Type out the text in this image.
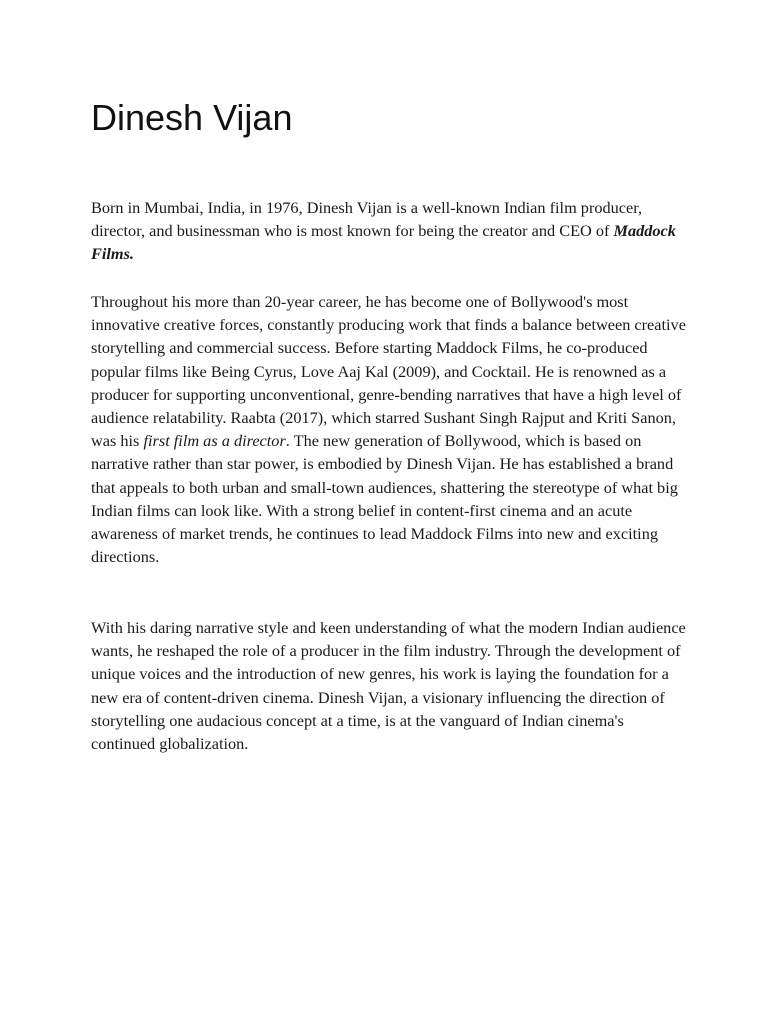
Dinesh Vijan

Born in Mumbai, India, in 1976, Dinesh Vijan is a well-known Indian film producer, director, and businessman who is most known for being the creator and CEO of Maddock Films.

Throughout his more than 20-year career, he has become one of Bollywood's most innovative creative forces, constantly producing work that finds a balance between creative storytelling and commercial success. Before starting Maddock Films, he co-produced popular films like Being Cyrus, Love Aaj Kal (2009), and Cocktail. He is renowned as a producer for supporting unconventional, genre-bending narratives that have a high level of audience relatability. Raabta (2017), which starred Sushant Singh Rajput and Kriti Sanon, was his first film as a director. The new generation of Bollywood, which is based on narrative rather than star power, is embodied by Dinesh Vijan. He has established a brand that appeals to both urban and small-town audiences, shattering the stereotype of what big Indian films can look like. With a strong belief in content-first cinema and an acute awareness of market trends, he continues to lead Maddock Films into new and exciting directions.

With his daring narrative style and keen understanding of what the modern Indian audience wants, he reshaped the role of a producer in the film industry. Through the development of unique voices and the introduction of new genres, his work is laying the foundation for a new era of content-driven cinema. Dinesh Vijan, a visionary influencing the direction of storytelling one audacious concept at a time, is at the vanguard of Indian cinema's continued globalization.
